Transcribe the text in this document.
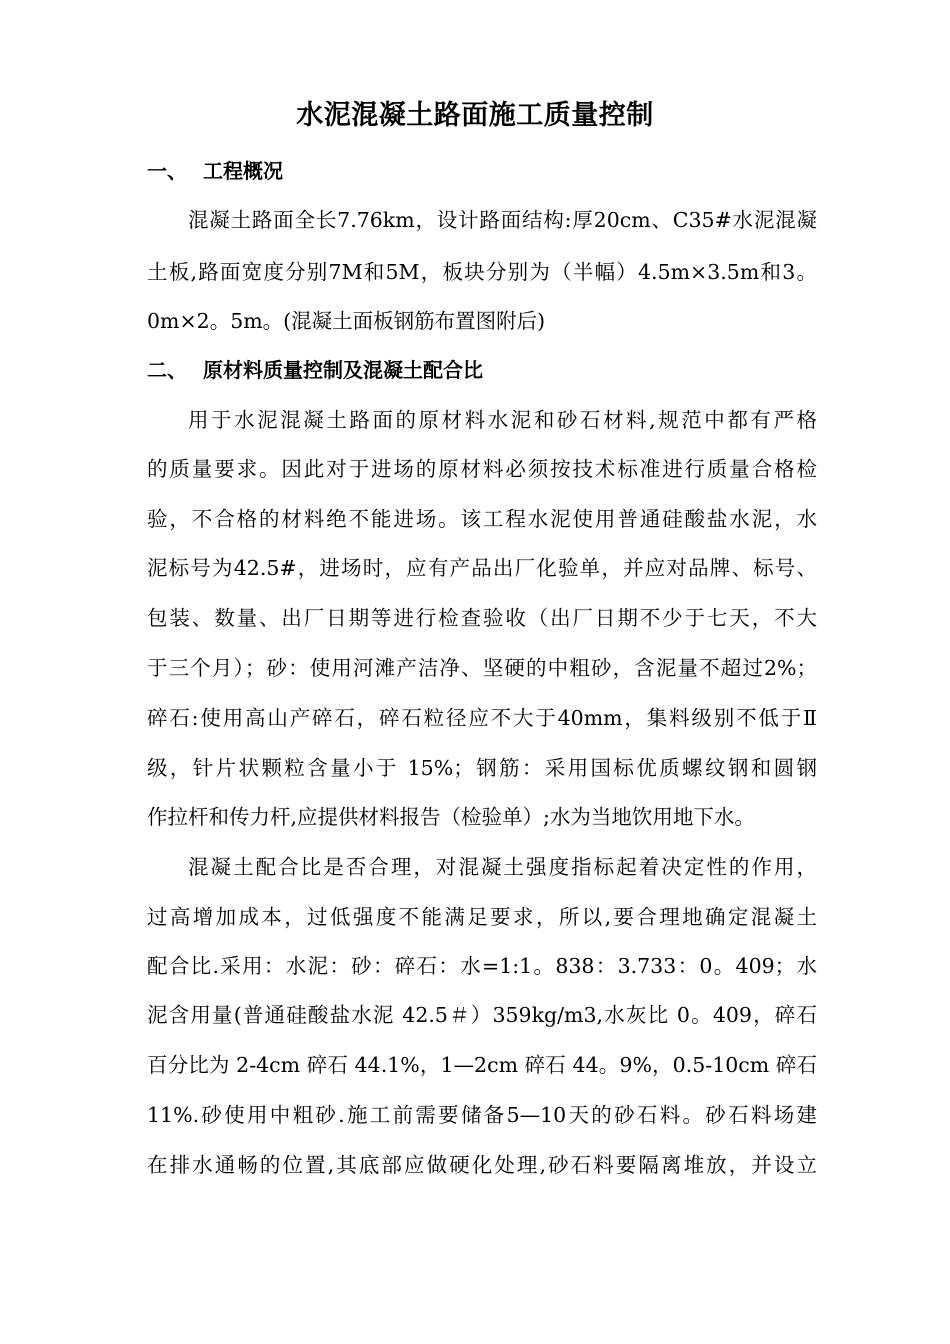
水泥混凝土路面施工质量控制
一、 工程概况
混凝土路面全长7.76km，设计路面结构:厚20cm、C35#水泥混凝
土板,路面宽度分别7M和5M，板块分别为（半幅）4.5m×3.5m和3。
0m×2。5m。(混凝土面板钢筋布置图附后)
二、 原材料质量控制及混凝土配合比
用于水泥混凝土路面的原材料水泥和砂石材料,规范中都有严格
的质量要求。因此对于进场的原材料必须按技术标准进行质量合格检
验，不合格的材料绝不能进场。该工程水泥使用普通硅酸盐水泥，水
泥标号为42.5#，进场时，应有产品出厂化验单，并应对品牌、标号、
包装、数量、出厂日期等进行检查验收（出厂日期不少于七天，不大
于三个月）；砂：使用河滩产洁净、坚硬的中粗砂，含泥量不超过2%；
碎石:使用高山产碎石，碎石粒径应不大于40mm，集料级别不低于Ⅱ
级，针片状颗粒含量小于 15%；钢筋：采用国标优质螺纹钢和圆钢
作拉杆和传力杆,应提供材料报告（检验单）;水为当地饮用地下水。
混凝土配合比是否合理，对混凝土强度指标起着决定性的作用，
过高增加成本，过低强度不能满足要求，所以,要合理地确定混凝土
配合比.采用：水泥：砂：碎石：水=1:1。838：3.733：0。409；水
泥含用量(普通硅酸盐水泥 42.5＃）359kg/m3,水灰比 0。409，碎石
百分比为 2-4cm 碎石 44.1%，1—2cm 碎石 44。9%，0.5-10cm 碎石
11%.砂使用中粗砂.施工前需要储备5—10天的砂石料。砂石料场建
在排水通畅的位置,其底部应做硬化处理,砂石料要隔离堆放，并设立
